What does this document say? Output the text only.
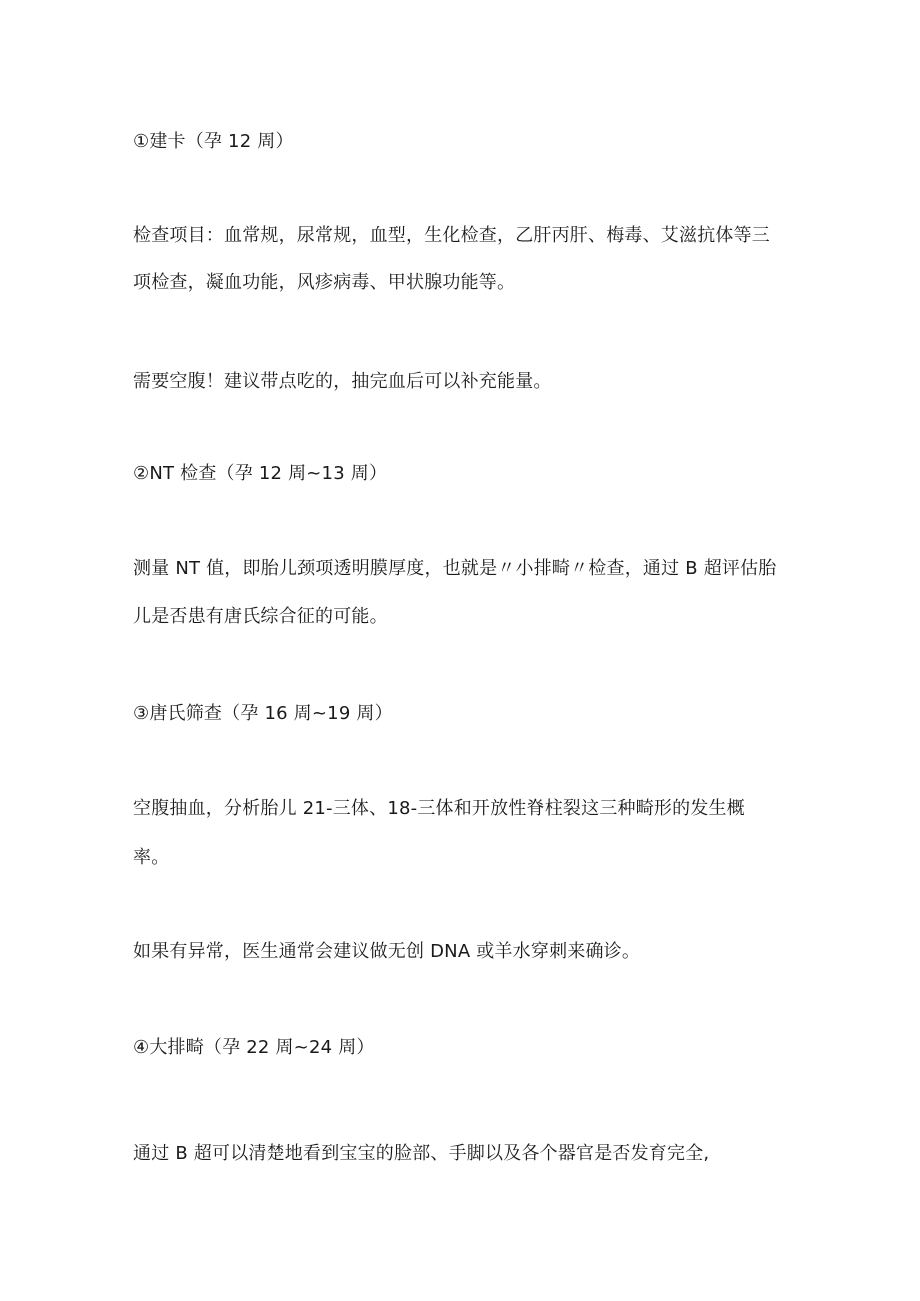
①建卡（孕 12 周）

检查项目：血常规，尿常规，血型，生化检查，乙肝丙肝、梅毒、艾滋抗体等三

项检查，凝血功能，风疹病毒、甲状腺功能等。

需要空腹！建议带点吃的，抽完血后可以补充能量。

②NT 检查（孕 12 周~13 周）

测量 NT 值，即胎儿颈项透明膜厚度，也就是〃小排畸〃检查，通过 B 超评估胎

儿是否患有唐氏综合征的可能。

③唐氏筛查（孕 16 周~19 周）

空腹抽血，分析胎儿 21-三体、18-三体和开放性脊柱裂这三种畸形的发生概

率。

如果有异常，医生通常会建议做无创 DNA 或羊水穿刺来确诊。

④大排畸（孕 22 周~24 周）

通过 B 超可以清楚地看到宝宝的脸部、手脚以及各个器官是否发育完全,
